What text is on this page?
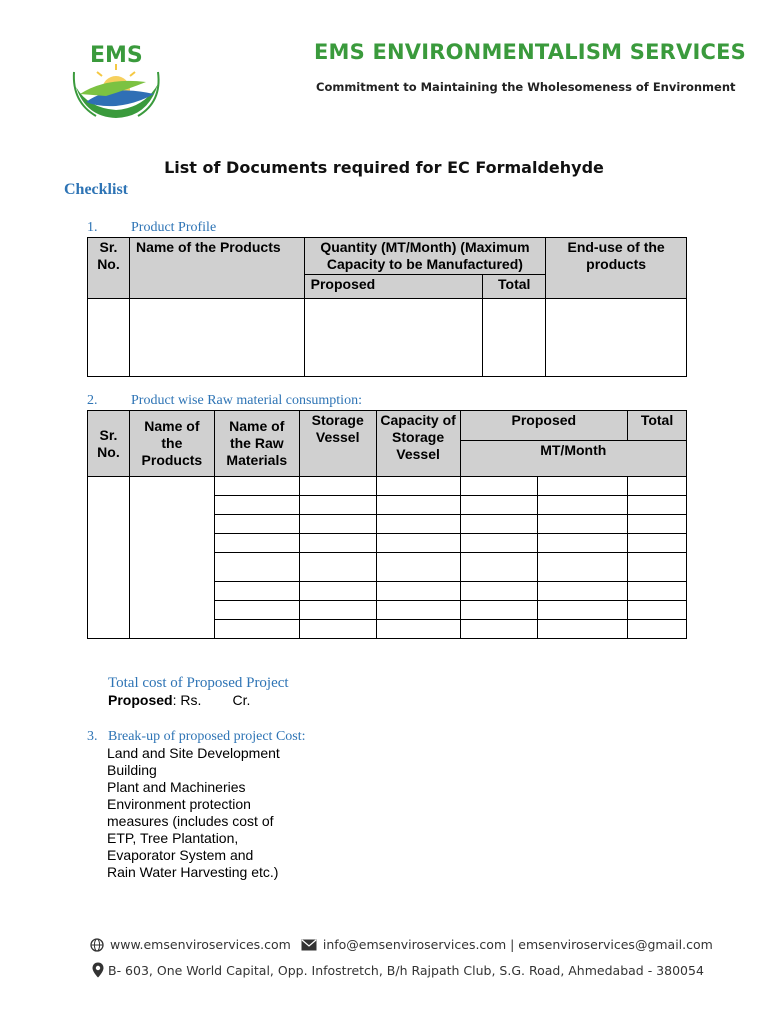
EMS	EMS ENVIRONMENTALISM SERVICES
Commitment to Maintaining the Wholesomeness of Environment
List of Documents required for EC Formaldehyde
Checklist
1. Product Profile
Sr. No.	Name of the Products	Quantity (MT/Month) (Maximum Capacity to be Manufactured)		End-use of the products
		Proposed	Total	

2. Product wise Raw material consumption:
Sr. No.	Name of the Products	Name of the Raw Materials	Storage Vessel	Capacity of Storage Vessel	Proposed		Total
					MT/Month		

Total cost of Proposed Project
Proposed: Rs.        Cr.
3. Break-up of proposed project Cost:
Land and Site Development
Building
Plant and Machineries
Environment protection
measures (includes cost of
ETP, Tree Plantation,
Evaporator System and
Rain Water Harvesting etc.)
www.emsenviroservices.com	info@emsenviroservices.com | emsenviroservices@gmail.com
B- 603, One World Capital, Opp. Infostretch, B/h Rajpath Club, S.G. Road, Ahmedabad - 380054
